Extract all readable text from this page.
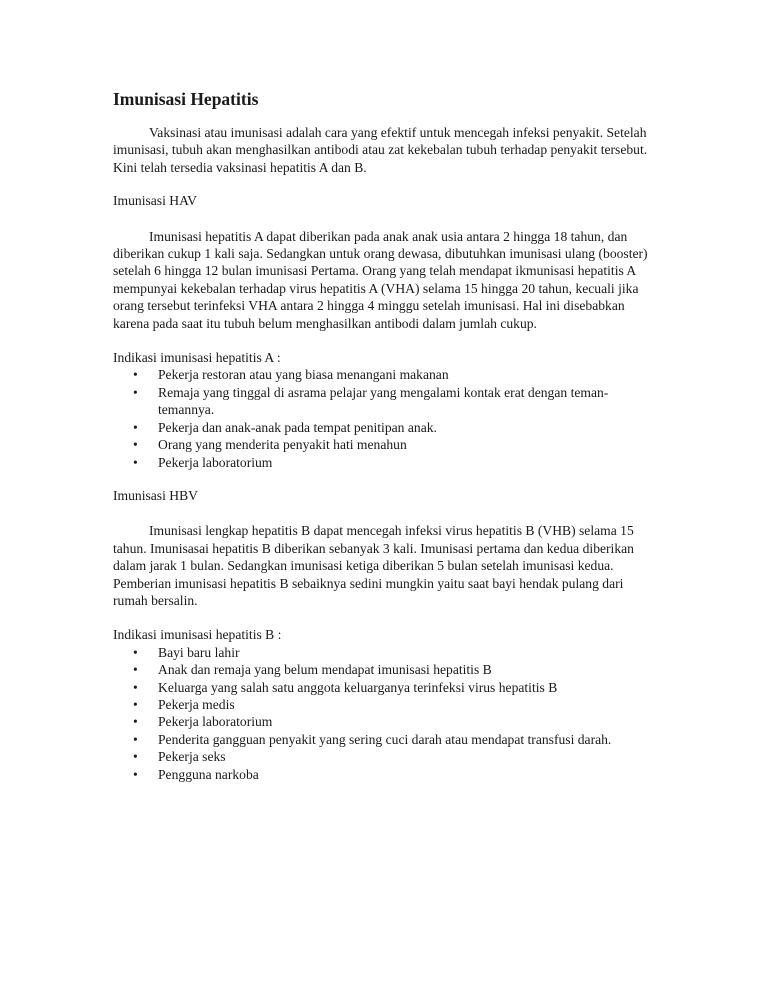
Imunisasi Hepatitis

Vaksinasi atau imunisasi adalah cara yang efektif untuk mencegah infeksi penyakit. Setelah imunisasi, tubuh akan menghasilkan antibodi atau zat kekebalan tubuh terhadap penyakit tersebut. Kini telah tersedia vaksinasi hepatitis A dan B.

Imunisasi HAV

Imunisasi hepatitis A dapat diberikan pada anak anak usia antara 2 hingga 18 tahun, dan diberikan cukup 1 kali saja. Sedangkan untuk orang dewasa, dibutuhkan imunisasi ulang (booster) setelah 6 hingga 12 bulan imunisasi Pertama. Orang yang telah mendapat ikmunisasi hepatitis A mempunyai kekebalan terhadap virus hepatitis A (VHA) selama 15 hingga 20 tahun, kecuali jika orang tersebut terinfeksi VHA antara 2 hingga 4 minggu setelah imunisasi. Hal ini disebabkan karena pada saat itu tubuh belum menghasilkan antibodi dalam jumlah cukup.

Indikasi imunisasi hepatitis A :

• Pekerja restoran atau yang biasa menangani makanan
• Remaja yang tinggal di asrama pelajar yang mengalami kontak erat dengan teman-temannya.
• Pekerja dan anak-anak pada tempat penitipan anak.
• Orang yang menderita penyakit hati menahun
• Pekerja laboratorium

Imunisasi HBV

Imunisasi lengkap hepatitis B dapat mencegah infeksi virus hepatitis B (VHB) selama 15 tahun. Imunisasai hepatitis B diberikan sebanyak 3 kali. Imunisasi pertama dan kedua diberikan dalam jarak 1 bulan. Sedangkan imunisasi ketiga diberikan 5 bulan setelah imunisasi kedua. Pemberian imunisasi hepatitis B sebaiknya sedini mungkin yaitu saat bayi hendak pulang dari rumah bersalin.

Indikasi imunisasi hepatitis B :

• Bayi baru lahir
• Anak dan remaja yang belum mendapat imunisasi hepatitis B
• Keluarga yang salah satu anggota keluarganya terinfeksi virus hepatitis B
• Pekerja medis
• Pekerja laboratorium
• Penderita gangguan penyakit yang sering cuci darah atau mendapat transfusi darah.
• Pekerja seks
• Pengguna narkoba
